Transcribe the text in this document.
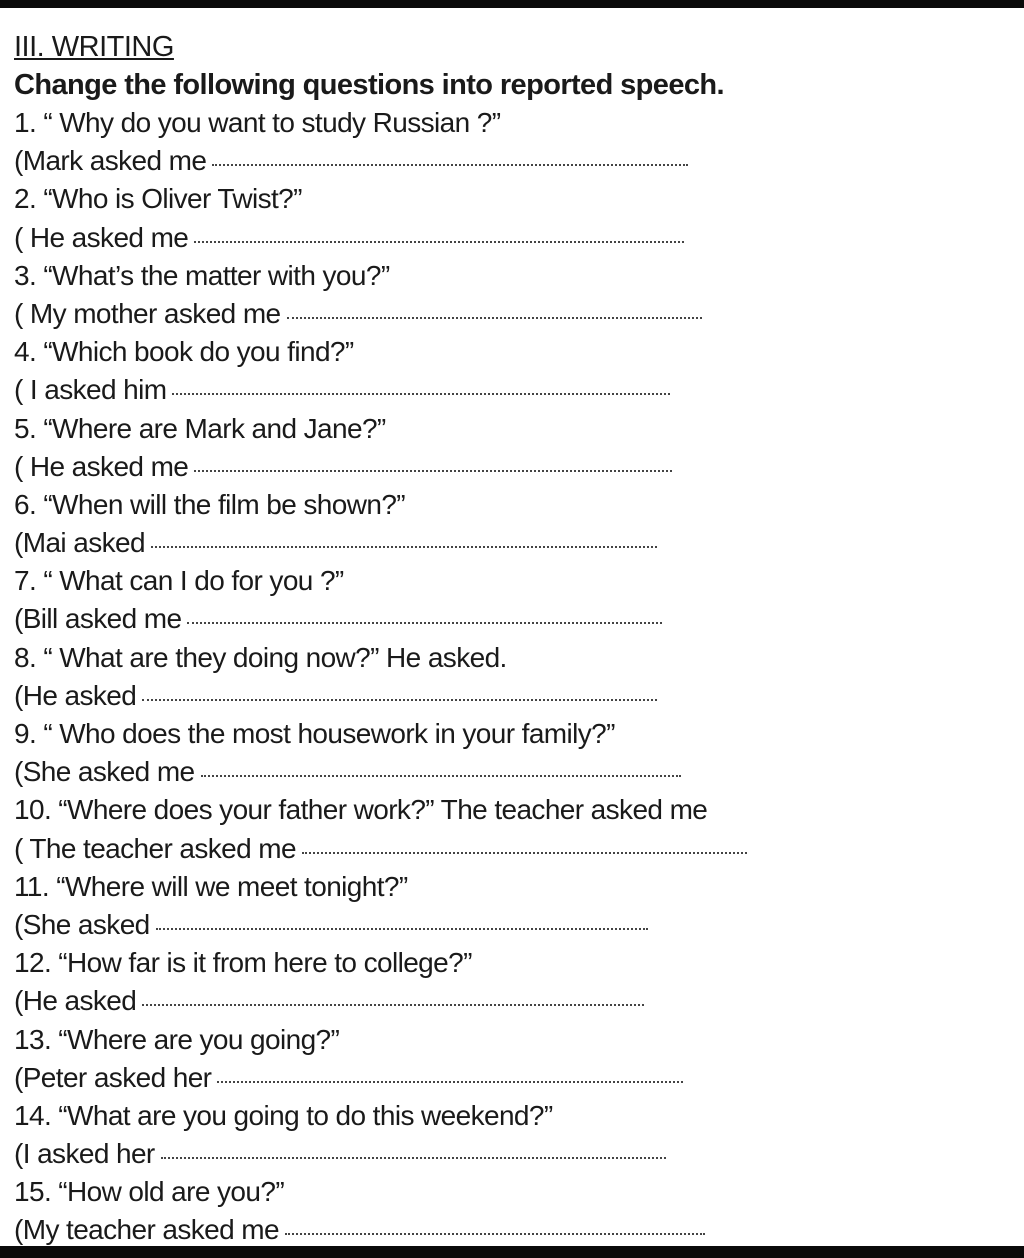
III. WRITING
Change the following questions into reported speech.
1. “ Why do you want to study Russian ?”
(Mark asked me
2. “Who is Oliver Twist?”
( He asked me
3. “What’s the matter with you?”
( My mother asked me
4. “Which book do you find?”
( I asked him
5. “Where are Mark and Jane?”
( He asked me
6. “When will the film be shown?”
(Mai asked
7. “ What can I do for you ?”
(Bill asked me
8. “ What are they doing now?” He asked.
(He asked
9. “ Who does the most housework in your family?”
(She asked me
10. “Where does your father work?” The teacher asked me
( The teacher asked me
11. “Where will we meet tonight?”
(She asked
12. “How far is it from here to college?”
(He asked
13. “Where are you going?”
(Peter asked her
14. “What are you going to do this weekend?”
(I asked her
15. “How old are you?”
(My teacher asked me
